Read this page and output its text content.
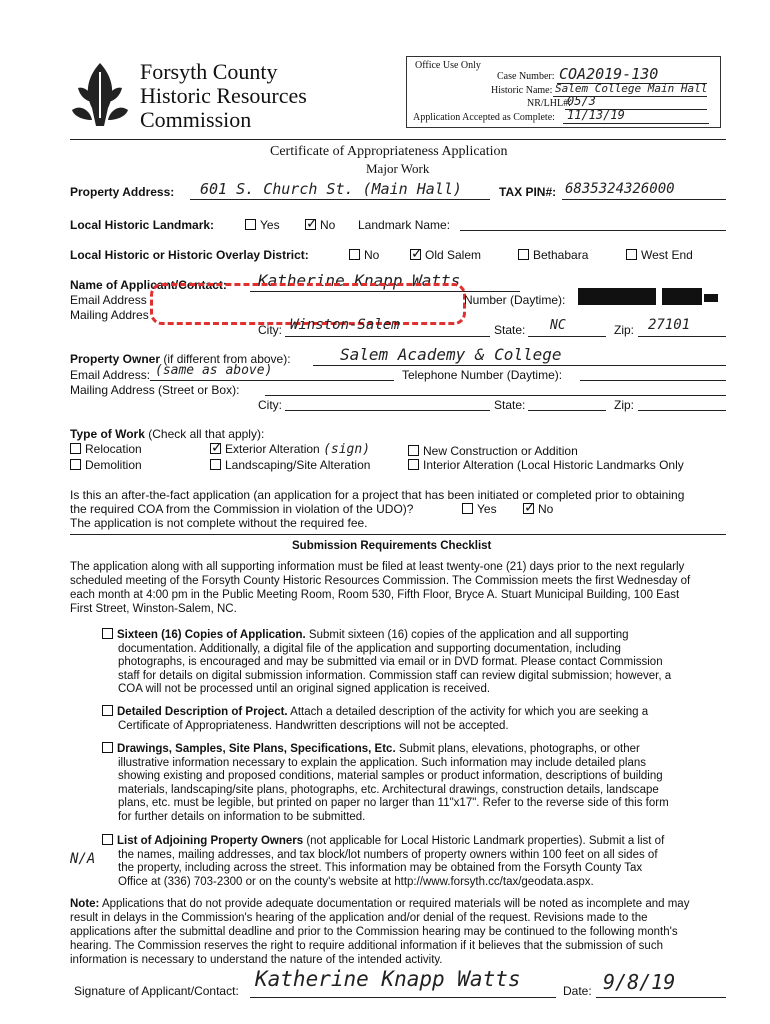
Forsyth County
Historic Resources
Commission
Office Use Only
Case Number: COA2019-130
Historic Name: Salem College Main Hall
NR/LHL#:
05/3
Application Accepted as Complete: 11/13/19
Certificate of Appropriateness Application
Major Work
Property Address: 601 S. Church St. (Main Hall)	TAX PIN#: 6835324326000
Local Historic Landmark:	Yes ✓	No Landmark Name:
Local Historic or Historic Overlay District:	No ✓	Old Salem	Bethabara	West End
Name of Applicant/Contact: Katherine Knapp Watts
Email Address	Number (Daytime):
Mailing Addres
City: Winston-Salem	State: NC	Zip: 27101
Property Owner (if different from above):	Salem Academy & College
Email Address: (same as above)	Telephone Number (Daytime):
Mailing Address (Street or Box):
City:	State:	Zip:
Type of Work (Check all that apply):
Relocation
Demolition
✓Exterior Alteration (sign)
Landscaping/Site Alteration
New Construction or Addition
Interior Alteration (Local Historic Landmarks Only
Is this an after-the-fact application (an application for a project that has been initiated or completed prior to obtaining
the required COA from the Commission in violation of the UDO)?	Yes ✓	No
The application is not complete without the required fee.
Submission Requirements Checklist
The application along with all supporting information must be filed at least twenty-one (21) days prior to the next regularly
scheduled meeting of the Forsyth County Historic Resources Commission. The Commission meets the first Wednesday of
each month at 4:00 pm in the Public Meeting Room, Room 530, Fifth Floor, Bryce A. Stuart Municipal Building, 100 East
First Street, Winston-Salem, NC.
Sixteen (16) Copies of Application. Submit sixteen (16) copies of the application and all supporting
documentation. Additionally, a digital file of the application and supporting documentation, including
photographs, is encouraged and may be submitted via email or in DVD format. Please contact Commission
staff for details on digital submission information. Commission staff can review digital submission; however, a
COA will not be processed until an original signed application is received.
Detailed Description of Project. Attach a detailed description of the activity for which you are seeking a
Certificate of Appropriateness. Handwritten descriptions will not be accepted.
Drawings, Samples, Site Plans, Specifications, Etc. Submit plans, elevations, photographs, or other
illustrative information necessary to explain the application. Such information may include detailed plans
showing existing and proposed conditions, material samples or product information, descriptions of building
materials, landscaping/site plans, photographs, etc. Architectural drawings, construction details, landscape
plans, etc. must be legible, but printed on paper no larger than 11"x17". Refer to the reverse side of this form
for further details on information to be submitted.
N/A
List of Adjoining Property Owners (not applicable for Local Historic Landmark properties). Submit a list of
the names, mailing addresses, and tax block/lot numbers of property owners within 100 feet on all sides of
the property, including across the street. This information may be obtained from the Forsyth County Tax
Office at (336) 703-2300 or on the county's website at http://www.forsyth.cc/tax/geodata.aspx.
Note: Applications that do not provide adequate documentation or required materials will be noted as incomplete and may
result in delays in the Commission's hearing of the application and/or denial of the request. Revisions made to the
applications after the submittal deadline and prior to the Commission hearing may be continued to the following month's
hearing. The Commission reserves the right to require additional information if it believes that the submission of such
information is necessary to understand the nature of the intended activity.
Signature of Applicant/Contact: Katherine Knapp Watts	Date: 9/8/19
